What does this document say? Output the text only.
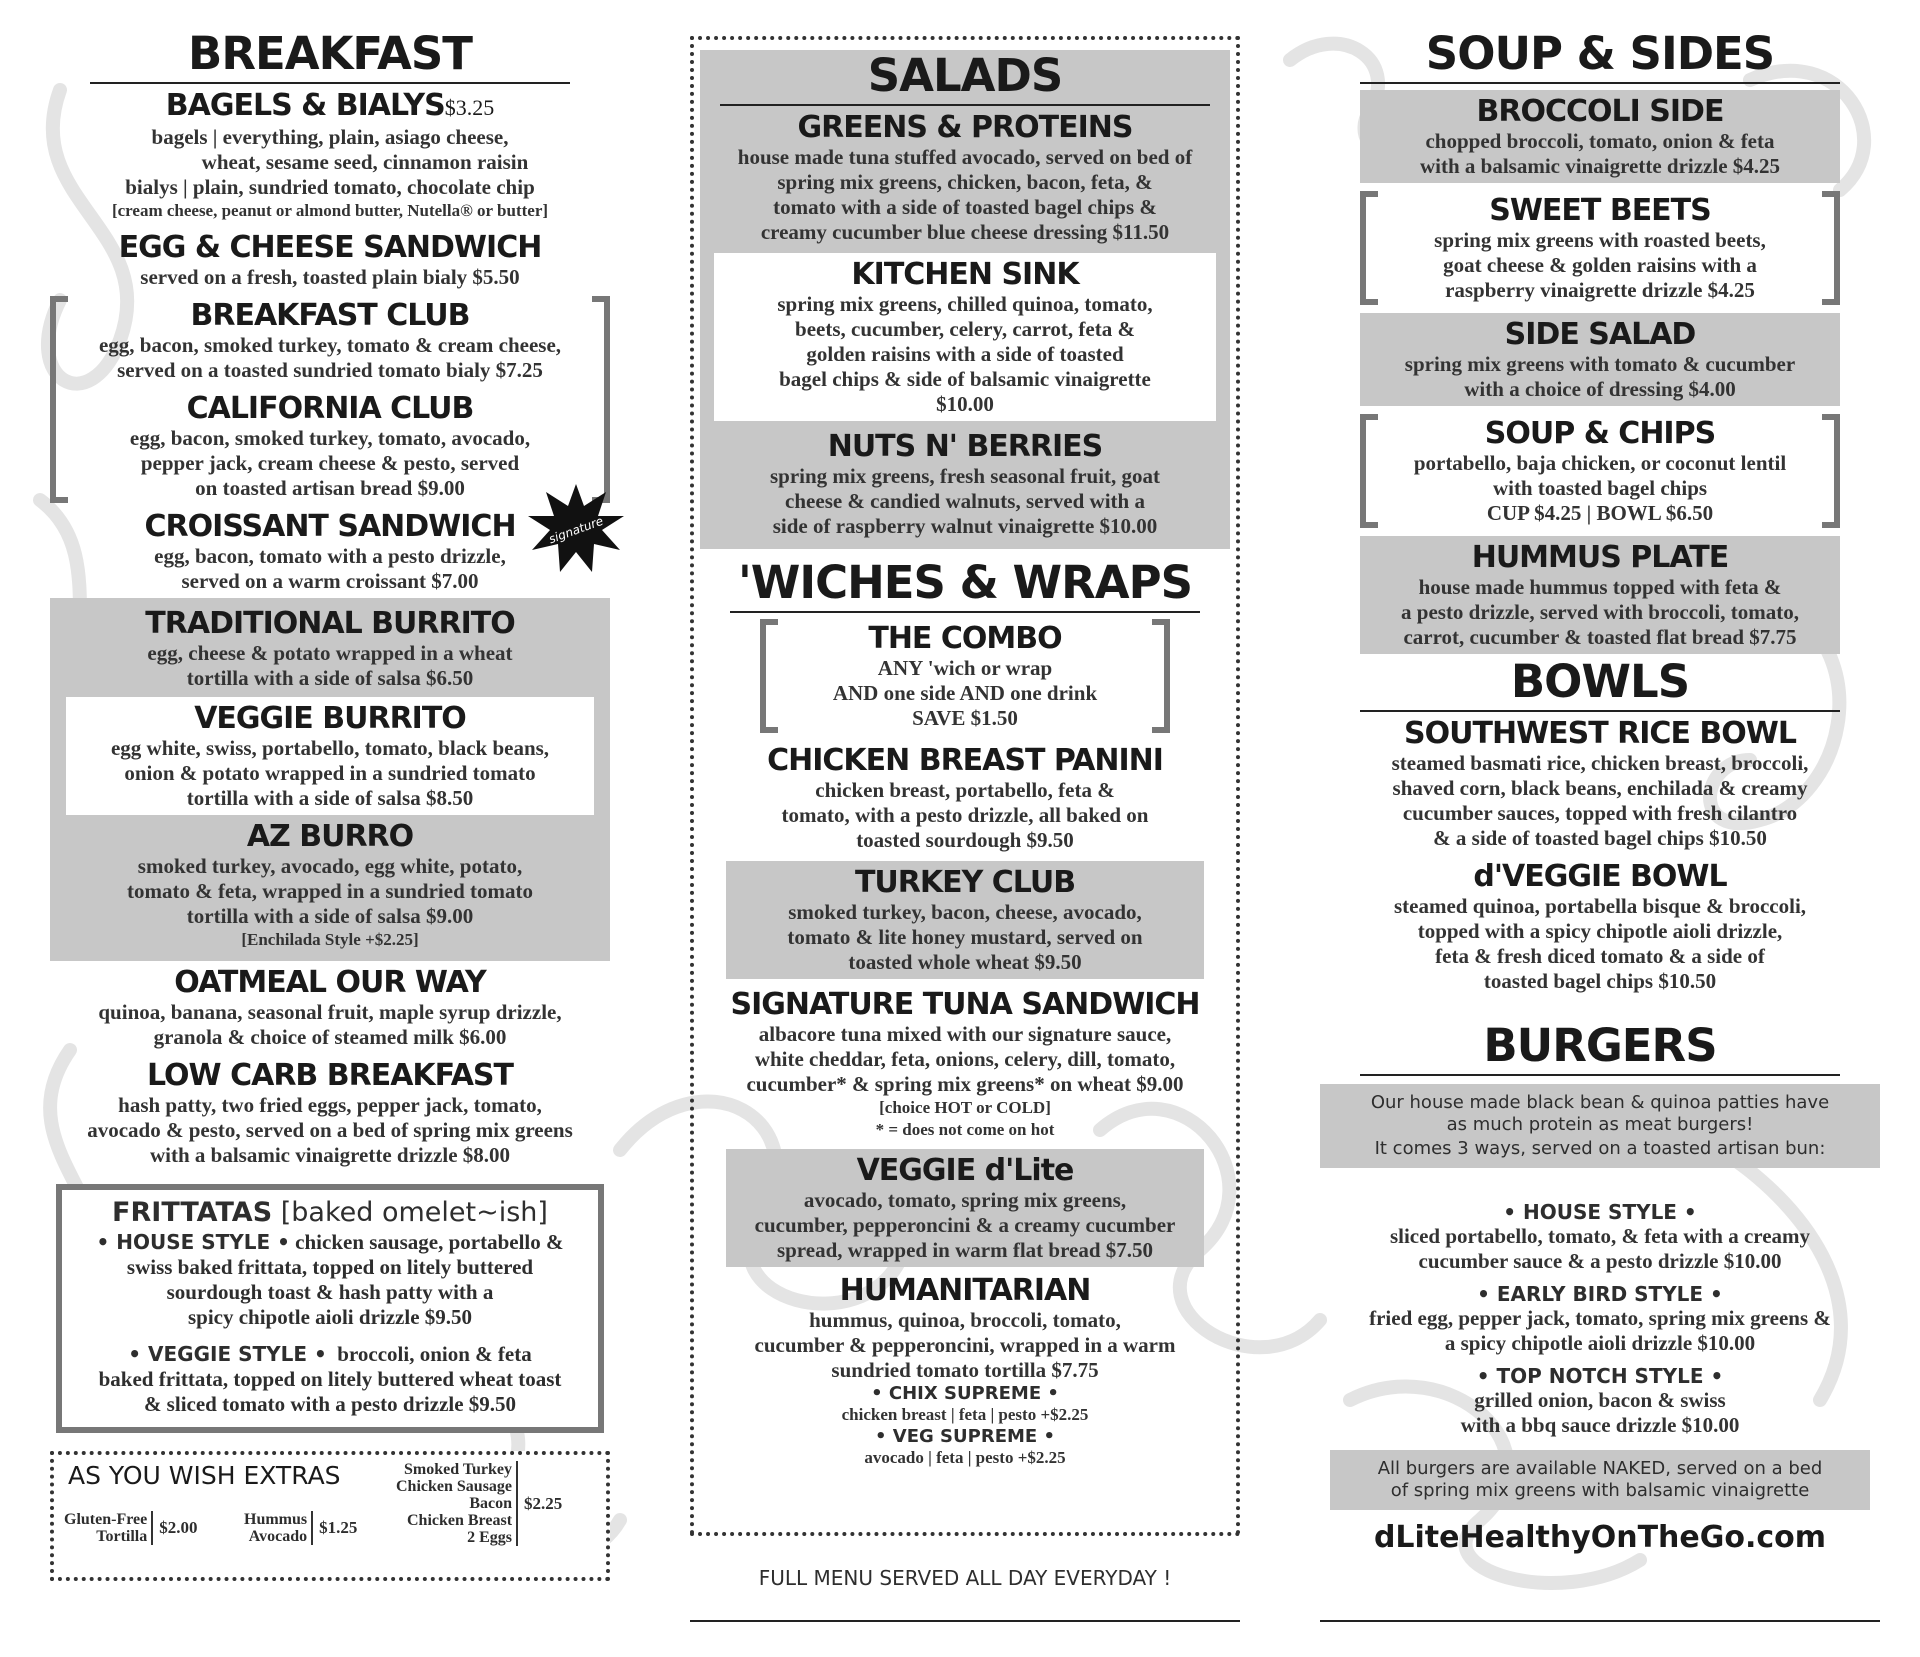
BREAKFAST
BAGELS & BIALYS$3.25
bagels | everything, plain, asiago cheese,
wheat, sesame seed, cinnamon raisin
bialys | plain, sundried tomato, chocolate chip
[cream cheese, peanut or almond butter, Nutella® or butter]
EGG & CHEESE SANDWICH
served on a fresh, toasted plain bialy $5.50
BREAKFAST CLUB
egg, bacon, smoked turkey, tomato & cream cheese,
served on a toasted sundried tomato bialy $7.25
CALIFORNIA CLUB
egg, bacon, smoked turkey, tomato, avocado,
pepper jack, cream cheese & pesto, served
on toasted artisan bread $9.00
CROISSANT SANDWICH
egg, bacon, tomato with a pesto drizzle,
served on a warm croissant $7.00
TRADITIONAL BURRITO
egg, cheese & potato wrapped in a wheat
tortilla with a side of salsa $6.50
VEGGIE BURRITO
egg white, swiss, portabello, tomato, black beans,
onion & potato wrapped in a sundried tomato
tortilla with a side of salsa $8.50
AZ BURRO
smoked turkey, avocado, egg white, potato,
tomato & feta, wrapped in a sundried tomato
tortilla with a side of salsa $9.00
[Enchilada Style +$2.25]
OATMEAL OUR WAY
quinoa, banana, seasonal fruit, maple syrup drizzle,
granola & choice of steamed milk $6.00
LOW CARB BREAKFAST
hash patty, two fried eggs, pepper jack, tomato,
avocado & pesto, served on a bed of spring mix greens
with a balsamic vinaigrette drizzle $8.00
FRITTATAS [baked omelet~ish]
• HOUSE STYLE • chicken sausage, portabello &
swiss baked frittata, topped on litely buttered
sourdough toast & hash patty with a
spicy chipotle aioli drizzle $9.50
• VEGGIE STYLE • broccoli, onion & feta
baked frittata, topped on litely buttered wheat toast
& sliced tomato with a pesto drizzle $9.50
AS YOU WISH EXTRAS
Gluten-Free
Tortilla $2.00	Hummus
Avocado $1.25
Smoked Turkey
Chicken Sausage
Bacon
Chicken Breast
2 Eggs
$2.25
signature
SALADS
GREENS & PROTEINS
house made tuna stuffed avocado, served on bed of
spring mix greens, chicken, bacon, feta, &
tomato with a side of toasted bagel chips &
creamy cucumber blue cheese dressing $11.50
KITCHEN SINK
spring mix greens, chilled quinoa, tomato,
beets, cucumber, celery, carrot, feta &
golden raisins with a side of toasted
bagel chips & side of balsamic vinaigrette
$10.00
NUTS N' BERRIES
spring mix greens, fresh seasonal fruit, goat
cheese & candied walnuts, served with a
side of raspberry walnut vinaigrette $10.00
'WICHES & WRAPS
THE COMBO
ANY 'wich or wrap
AND one side AND one drink
SAVE $1.50
CHICKEN BREAST PANINI
chicken breast, portabello, feta &
tomato, with a pesto drizzle, all baked on
toasted sourdough $9.50
TURKEY CLUB
smoked turkey, bacon, cheese, avocado,
tomato & lite honey mustard, served on
toasted whole wheat $9.50
SIGNATURE TUNA SANDWICH
albacore tuna mixed with our signature sauce,
white cheddar, feta, onions, celery, dill, tomato,
cucumber* & spring mix greens* on wheat $9.00
[choice HOT or COLD]
* = does not come on hot
VEGGIE d'Lite
avocado, tomato, spring mix greens,
cucumber, pepperoncini & a creamy cucumber
spread, wrapped in warm flat bread $7.50
HUMANITARIAN
hummus, quinoa, broccoli, tomato,
cucumber & pepperoncini, wrapped in a warm
sundried tomato tortilla $7.75
• CHIX SUPREME •
chicken breast | feta | pesto +$2.25
• VEG SUPREME •
avocado | feta | pesto +$2.25
FULL MENU SERVED ALL DAY EVERYDAY !
SOUP & SIDES
BROCCOLI SIDE
chopped broccoli, tomato, onion & feta
with a balsamic vinaigrette drizzle $4.25
SWEET BEETS
spring mix greens with roasted beets,
goat cheese & golden raisins with a
raspberry vinaigrette drizzle $4.25
SIDE SALAD
spring mix greens with tomato & cucumber
with a choice of dressing $4.00
SOUP & CHIPS
portabello, baja chicken, or coconut lentil
with toasted bagel chips
CUP $4.25 | BOWL $6.50
HUMMUS PLATE
house made hummus topped with feta &
a pesto drizzle, served with broccoli, tomato,
carrot, cucumber & toasted flat bread $7.75
BOWLS
SOUTHWEST RICE BOWL
steamed basmati rice, chicken breast, broccoli,
shaved corn, black beans, enchilada & creamy
cucumber sauces, topped with fresh cilantro
& a side of toasted bagel chips $10.50
d'VEGGIE BOWL
steamed quinoa, portabella bisque & broccoli,
topped with a spicy chipotle aioli drizzle,
feta & fresh diced tomato & a side of
toasted bagel chips $10.50
BURGERS
Our house made black bean & quinoa patties have
as much protein as meat burgers!
It comes 3 ways, served on a toasted artisan bun:
• HOUSE STYLE •
sliced portabello, tomato, & feta with a creamy
cucumber sauce & a pesto drizzle $10.00
• EARLY BIRD STYLE •
fried egg, pepper jack, tomato, spring mix greens &
a spicy chipotle aioli drizzle $10.00
• TOP NOTCH STYLE •
grilled onion, bacon & swiss
with a bbq sauce drizzle $10.00
All burgers are available NAKED, served on a bed
of spring mix greens with balsamic vinaigrette
dLiteHealthyOnTheGo.com
